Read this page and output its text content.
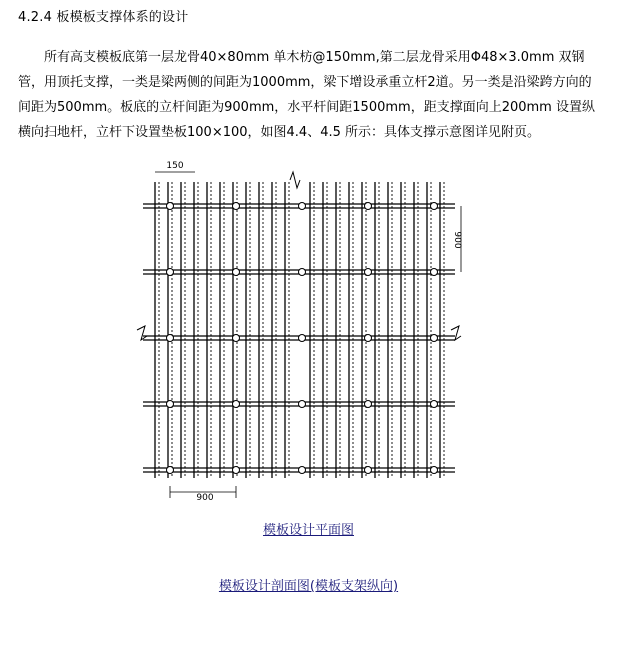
4.2.4 板模板支撑体系的设计
所有高支模板底第一层龙骨40×80mm 单木枋@150mm,第二层龙骨采用Φ48×3.0mm 双钢管，用顶托支撑，一类是梁两侧的间距为1000mm，梁下增设承重立杆2道。另一类是沿梁跨方向的间距为500mm。板底的立杆间距为900mm，水平杆间距1500mm，距支撑面向上200mm 设置纵横向扫地杆，立杆下设置垫板100×100，如图4.4、4.5 所示：具体支撑示意图详见附页。
150
900
900
模板设计平面图
模板设计剖面图(模板支架纵向)
